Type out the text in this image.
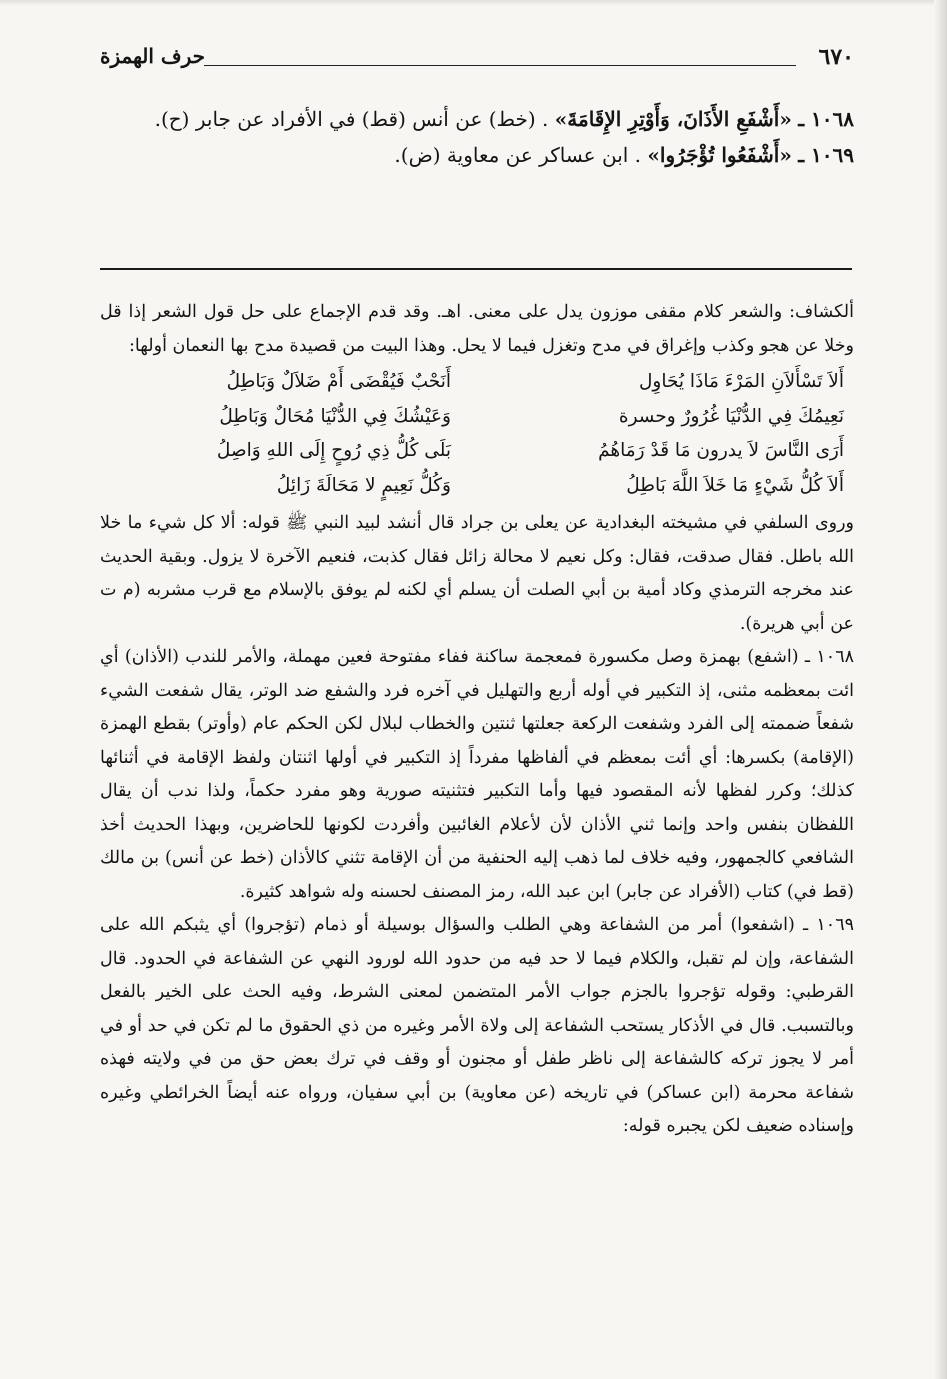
٦٧٠
حرف الهمزة

١٠٦٨ ـ «أَشْفَعِ الأَذَانَ، وَأَوْتِرِ الإِقَامَةَ» . (خط) عن أنس (قط) في الأفراد عن جابر (ح).

١٠٦٩ ـ «أَشْفَعُوا تُؤْجَرُوا» . ابن عساكر عن معاوية (ض).

ألكشاف: والشعر كلام مقفى موزون يدل على معنى. اهـ. وقد قدم الإجماع على حل قول الشعر إذا قل وخلا عن هجو وكذب وإغراق في مدح وتغزل فيما لا يحل. وهذا البيت من قصيدة مدح بها النعمان أولها:

أَلاَ تَسْأَلاَنِ المَرْءَ مَاذَا يُحَاوِل
أَنَحْبٌ فَيُقْضَى أَمْ ضَلاَلٌ وَبَاطِلُ
نَعِيمُكَ فِي الدُّنْيَا غُرُورٌ وحسرة
وَعَيْشُكَ فِي الدُّنْيَا مُحَالٌ وَبَاطِلُ
أَرَى النَّاسَ لاَ يدرون مَا قَدْ رَمَاهُمُ
بَلَى كُلُّ ذِي رُوحٍ إِلَى اللهِ وَاصِلُ
أَلاَ كُلُّ شَيْءٍ مَا خَلاَ اللَّهَ بَاطِلُ
وَكُلُّ نَعِيمٍ لا مَحَالَةَ زَائِلُ

وروى السلفي في مشيخته البغدادية عن يعلى بن جراد قال أنشد لبيد النبي ﷺ قوله: ألا كل شيء ما خلا الله باطل. فقال صدقت، فقال: وكل نعيم لا محالة زائل فقال كذبت، فنعيم الآخرة لا يزول. وبقية الحديث عند مخرجه الترمذي وكاد أمية بن أبي الصلت أن يسلم أي لكنه لم يوفق بالإسلام مع قرب مشربه (م ت عن أبي هريرة).

١٠٦٨ ـ (اشفع) بهمزة وصل مكسورة فمعجمة ساكنة ففاء مفتوحة فعين مهملة، والأمر للندب (الأذان) أي ائت بمعظمه مثنى، إذ التكبير في أوله أربع والتهليل في آخره فرد والشفع ضد الوتر، يقال شفعت الشيء شفعاً ضممته إلى الفرد وشفعت الركعة جعلتها ثنتين والخطاب لبلال لكن الحكم عام (وأوتر) بقطع الهمزة (الإقامة) بكسرها: أي أئت بمعظم في ألفاظها مفرداً إذ التكبير في أولها اثنتان ولفظ الإقامة في أثنائها كذلك؛ وكرر لفظها لأنه المقصود فيها وأما التكبير فتثنيته صورية وهو مفرد حكماً، ولذا ندب أن يقال اللفظان بنفس واحد وإنما ثني الأذان لأن لأعلام الغائبين وأفردت لكونها للحاضرين، وبهذا الحديث أخذ الشافعي كالجمهور، وفيه خلاف لما ذهب إليه الحنفية من أن الإقامة تثني كالأذان (خط عن أنس) بن مالك (قط في) كتاب (الأفراد عن جابر) ابن عبد الله، رمز المصنف لحسنه وله شواهد كثيرة.

١٠٦٩ ـ (اشفعوا) أمر من الشفاعة وهي الطلب والسؤال بوسيلة أو ذمام (تؤجروا) أي يثبكم الله على الشفاعة، وإن لم تقبل، والكلام فيما لا حد فيه من حدود الله لورود النهي عن الشفاعة في الحدود. قال القرطبي: وقوله تؤجروا بالجزم جواب الأمر المتضمن لمعنى الشرط، وفيه الحث على الخير بالفعل وبالتسبب. قال في الأذكار يستحب الشفاعة إلى ولاة الأمر وغيره من ذي الحقوق ما لم تكن في حد أو في أمر لا يجوز تركه كالشفاعة إلى ناظر طفل أو مجنون أو وقف في ترك بعض حق من في ولايته فهذه شفاعة محرمة (ابن عساكر) في تاريخه (عن معاوية) بن أبي سفيان، ورواه عنه أيضاً الخرائطي وغيره وإسناده ضعيف لكن يجبره قوله:
